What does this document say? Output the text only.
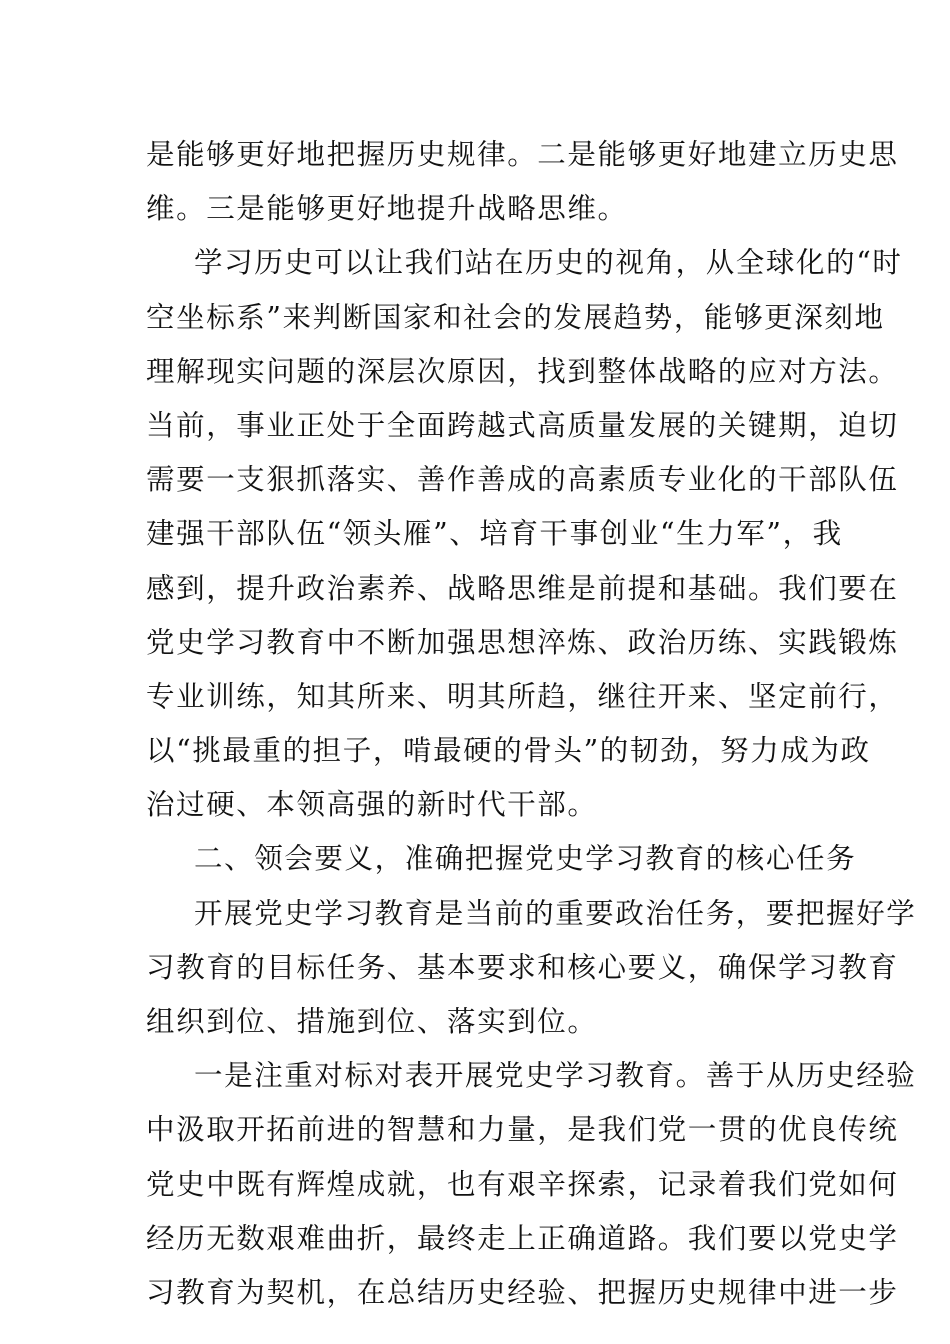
是能够更好地把握历史规律。二是能够更好地建立历史思
维。三是能够更好地提升战略思维。
学习历史可以让我们站在历史的视角，从全球化的“时
空坐标系”来判断国家和社会的发展趋势，能够更深刻地
理解现实问题的深层次原因，找到整体战略的应对方法。
当前，事业正处于全面跨越式高质量发展的关键期，迫切
需要一支狠抓落实、善作善成的高素质专业化的干部队伍
建强干部队伍“领头雁”、培育干事创业“生力军”，我
感到，提升政治素养、战略思维是前提和基础。我们要在
党史学习教育中不断加强思想淬炼、政治历练、实践锻炼
专业训练，知其所来、明其所趋，继往开来、坚定前行，
以“挑最重的担子，啃最硬的骨头”的韧劲，努力成为政
治过硬、本领高强的新时代干部。
二、领会要义，准确把握党史学习教育的核心任务
开展党史学习教育是当前的重要政治任务，要把握好学
习教育的目标任务、基本要求和核心要义，确保学习教育
组织到位、措施到位、落实到位。
一是注重对标对表开展党史学习教育。善于从历史经验
中汲取开拓前进的智慧和力量，是我们党一贯的优良传统
党史中既有辉煌成就，也有艰辛探索，记录着我们党如何
经历无数艰难曲折，最终走上正确道路。我们要以党史学
习教育为契机，在总结历史经验、把握历史规律中进一步
